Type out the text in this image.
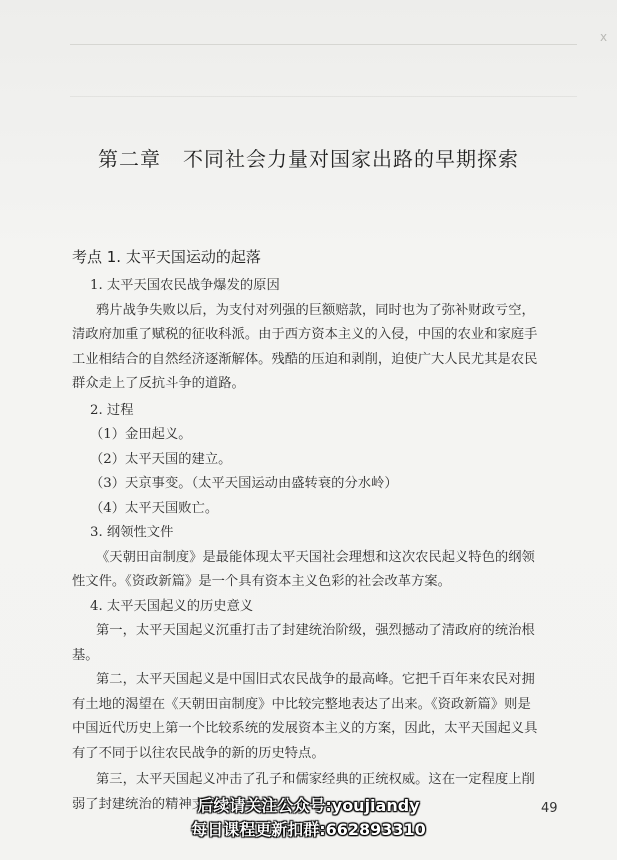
x
第二章 不同社会力量对国家出路的早期探索
考点 1. 太平天国运动的起落

1. 太平天国农民战争爆发的原因

鸦片战争失败以后，为支付对列强的巨额赔款，同时也为了弥补财政亏空，清政府加重了赋税的征收科派。由于西方资本主义的入侵，中国的农业和家庭手工业相结合的自然经济逐渐解体。残酷的压迫和剥削，迫使广大人民尤其是农民群众走上了反抗斗争的道路。

2. 过程

（1）金田起义。

（2）太平天国的建立。

（3）天京事变。（太平天国运动由盛转衰的分水岭）

（4）太平天国败亡。

3. 纲领性文件

《天朝田亩制度》是最能体现太平天国社会理想和这次农民起义特色的纲领性文件。《资政新篇》是一个具有资本主义色彩的社会改革方案。

4. 太平天国起义的历史意义

第一，太平天国起义沉重打击了封建统治阶级，强烈撼动了清政府的统治根基。

第二，太平天国起义是中国旧式农民战争的最高峰。它把千百年来农民对拥有土地的渴望在《天朝田亩制度》中比较完整地表达了出来。《资政新篇》则是中国近代历史上第一个比较系统的发展资本主义的方案，因此，太平天国起义具有了不同于以往农民战争的新的历史特点。

第三，太平天国起义冲击了孔子和儒家经典的正统权威。这在一定程度上削弱了封建统治的精神支柱。	49
后续请关注公众号:youjiandy
每日课程更新扣群:662893310
